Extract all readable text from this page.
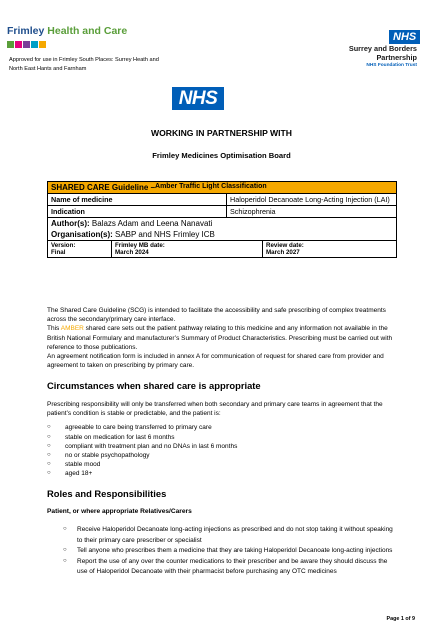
Frimley Health and Care
Approved for use in Frimley South Places: Surrey Heath and North East Hants and Farnham
NHS
Surrey and Borders
Partnership
NHS Foundation Trust
NHS
WORKING IN PARTNERSHIP WITH
Frimley Medicines Optimisation Board
SHARED CARE Guideline – Amber Traffic Light Classification
Name of medicine	Haloperidol Decanoate Long-Acting Injection (LAI)
Indication	Schizophrenia
Author(s): Balazs Adam and Leena Nanavati
Organisation(s): SABP and NHS Frimley ICB
Version:
Final
Frimley MB date:
March 2024
Review date:
March 2027

The Shared Care Guideline (SCG) is intended to facilitate the accessibility and safe prescribing of complex treatments across the secondary/primary care interface.

This AMBER shared care sets out the patient pathway relating to this medicine and any information not available in the British National Formulary and manufacturer’s Summary of Product Characteristics. Prescribing must be carried out with reference to those publications.

An agreement notification form is included in annex A for communication of request for shared care from provider and agreement to taken on prescribing by primary care.

Circumstances when shared care is appropriate

Prescribing responsibility will only be transferred when both secondary and primary care teams in agreement that the patient’s condition is stable or predictable, and the patient is:

○ agreeable to care being transferred to primary care
○ stable on medication for last 6 months
○ compliant with treatment plan and no DNAs in last 6 months
○ no or stable psychopathology
○ stable mood
○ aged 18+
Roles and Responsibilities
Patient, or where appropriate Relatives/Carers
○ Receive Haloperidol Decanoate long-acting injections as prescribed and do not stop taking it without speaking to their primary care prescriber or specialist
○ Tell anyone who prescribes them a medicine that they are taking Haloperidol Decanoate long-acting injections
○ Report the use of any over the counter medications to their prescriber and be aware they should discuss the use of Haloperidol Decanoate with their pharmacist before purchasing any OTC medicines
Page 1 of 9
